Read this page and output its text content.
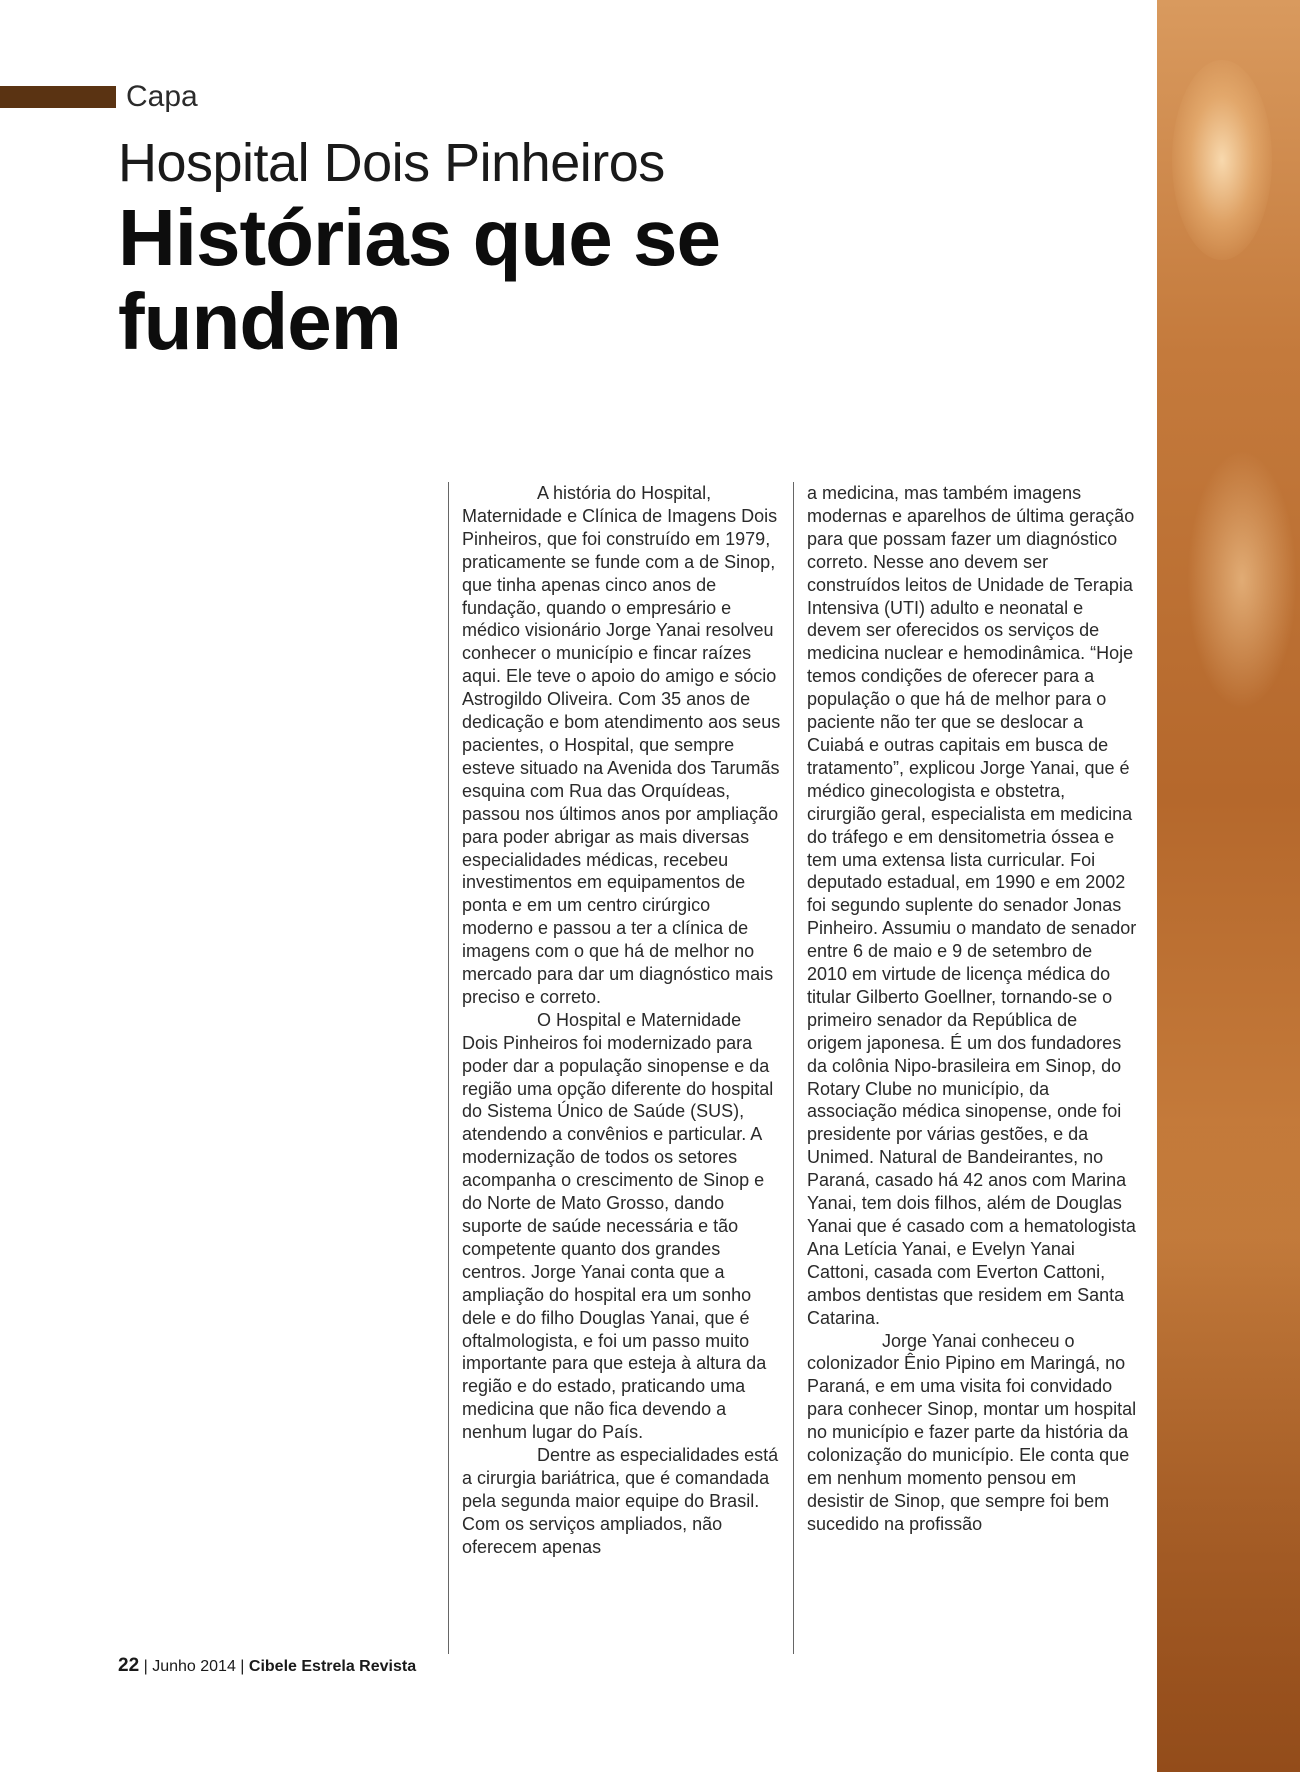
Capa
Hospital Dois Pinheiros
Histórias que se fundem

A história do Hospital, Maternidade e Clínica de Imagens Dois Pinheiros, que foi construído em 1979, praticamente se funde com a de Sinop, que tinha apenas cinco anos de fundação, quando o empresário e médico visionário Jorge Yanai resolveu conhecer o município e fincar raízes aqui. Ele teve o apoio do amigo e sócio Astrogildo Oliveira. Com 35 anos de dedicação e bom atendimento aos seus pacientes, o Hospital, que sempre esteve situado na Avenida dos Tarumãs esquina com Rua das Orquídeas, passou nos últimos anos por ampliação para poder abrigar as mais diversas especialidades médicas, recebeu investimentos em equipamentos de ponta e em um centro cirúrgico moderno e passou a ter a clínica de imagens com o que há de melhor no mercado para dar um diagnóstico mais preciso e correto.

O Hospital e Maternidade Dois Pinheiros foi modernizado para poder dar a população sinopense e da região uma opção diferente do hospital do Sistema Único de Saúde (SUS), atendendo a convênios e particular. A modernização de todos os setores acompanha o crescimento de Sinop e do Norte de Mato Grosso, dando suporte de saúde necessária e tão competente quanto dos grandes centros. Jorge Yanai conta que a ampliação do hospital era um sonho dele e do filho Douglas Yanai, que é oftalmologista, e foi um passo muito importante para que esteja à altura da região e do estado, praticando uma medicina que não fica devendo a nenhum lugar do País.

Dentre as especialidades está a cirurgia bariátrica, que é comandada pela segunda maior equipe do Brasil. Com os serviços ampliados, não oferecem apenas

a medicina, mas também imagens modernas e aparelhos de última geração para que possam fazer um diagnóstico correto. Nesse ano devem ser construídos leitos de Unidade de Terapia Intensiva (UTI) adulto e neonatal e devem ser oferecidos os serviços de medicina nuclear e hemodinâmica. “Hoje temos condições de oferecer para a população o que há de melhor para o paciente não ter que se deslocar a Cuiabá e outras capitais em busca de tratamento”, explicou Jorge Yanai, que é médico ginecologista e obstetra, cirurgião geral, especialista em medicina do tráfego e em densitometria óssea e tem uma extensa lista curricular. Foi deputado estadual, em 1990 e em 2002 foi segundo suplente do senador Jonas Pinheiro. Assumiu o mandato de senador entre 6 de maio e 9 de setembro de 2010 em virtude de licença médica do titular Gilberto Goellner, tornando-se o primeiro senador da República de origem japonesa. É um dos fundadores da colônia Nipo-brasileira em Sinop, do Rotary Clube no município, da associação médica sinopense, onde foi presidente por várias gestões, e da Unimed. Natural de Bandeirantes, no Paraná, casado há 42 anos com Marina Yanai, tem dois filhos, além de Douglas Yanai que é casado com a hematologista Ana Letícia Yanai, e Evelyn Yanai Cattoni, casada com Everton Cattoni, ambos dentistas que residem em Santa Catarina.

Jorge Yanai conheceu o colonizador Ênio Pipino em Maringá, no Paraná, e em uma visita foi convidado para conhecer Sinop, montar um hospital no município e fazer parte da história da colonização do município. Ele conta que em nenhum momento pensou em desistir de Sinop, que sempre foi bem sucedido na profissão

22 | Junho 2014 | Cibele Estrela Revista
